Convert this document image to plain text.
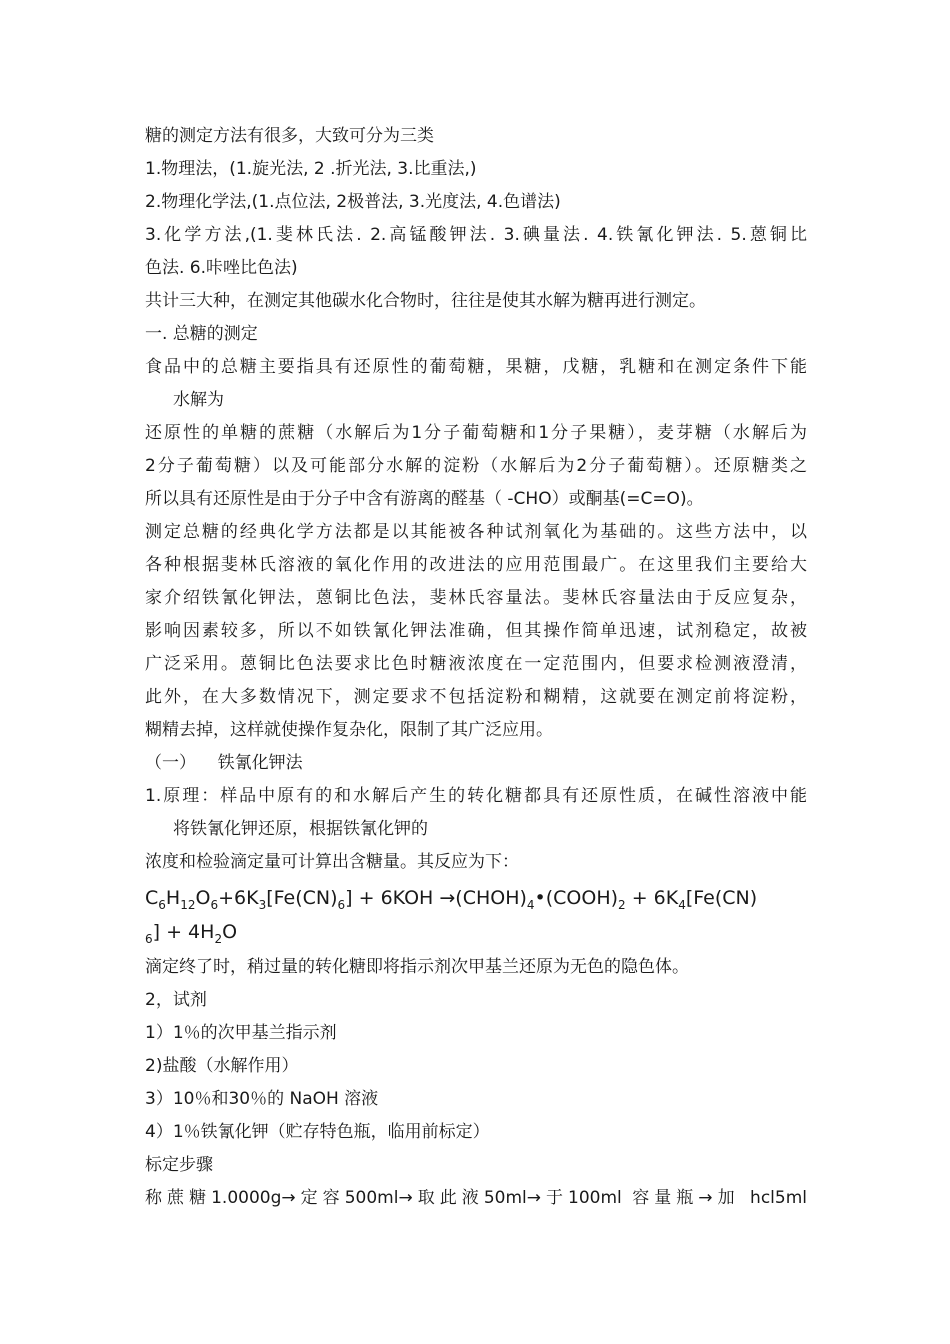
糖的测定方法有很多，大致可分为三类
1.物理法，(1.旋光法, 2 .折光法, 3.比重法,)
2.物理化学法,(1.点位法, 2极普法, 3.光度法, 4.色谱法)
3.化学方法,(1.斐林氏法. 2.高锰酸钾法. 3.碘量法. 4.铁氰化钾法. 5.蒽铜比
色法. 6.咔唑比色法)
共计三大种，在测定其他碳水化合物时，往往是使其水解为糖再进行测定。
一. 总糖的测定
食品中的总糖主要指具有还原性的葡萄糖，果糖，戊糖，乳糖和在测定条件下能
水解为
还原性的单糖的蔗糖（水解后为1分子葡萄糖和1分子果糖），麦芽糖（水解后为
2分子葡萄糖）以及可能部分水解的淀粉（水解后为2分子葡萄糖）。还原糖类之
所以具有还原性是由于分子中含有游离的醛基（ -CHO）或酮基(=C=O)。
测定总糖的经典化学方法都是以其能被各种试剂氧化为基础的。这些方法中，以
各种根据斐林氏溶液的氧化作用的改进法的应用范围最广。在这里我们主要给大
家介绍铁氰化钾法，蒽铜比色法，斐林氏容量法。斐林氏容量法由于反应复杂，
影响因素较多，所以不如铁氰化钾法准确，但其操作简单迅速，试剂稳定，故被
广泛采用。蒽铜比色法要求比色时糖液浓度在一定范围内，但要求检测液澄清，
此外，在大多数情况下，测定要求不包括淀粉和糊精，这就要在测定前将淀粉，
糊精去掉，这样就使操作复杂化，限制了其广泛应用。
（一）    铁氰化钾法
1.原理：样品中原有的和水解后产生的转化糖都具有还原性质，在碱性溶液中能
将铁氰化钾还原，根据铁氰化钾的
浓度和检验滴定量可计算出含糖量。其反应为下：
$C_6H_{12}O_6+6K_3[Fe(CN)_6] + 6KOH$ $\to(CHOH)_4•(COOH)_2 + 6K_4[Fe(CN)$
$_6] + 4H_2O$
滴定终了时，稍过量的转化糖即将指示剂次甲基兰还原为无色的隐色体。
2，试剂
1）1％的次甲基兰指示剂
2)盐酸（水解作用）
3）10％和30％的 NaOH 溶液
4）1％铁氰化钾（贮存特色瓶，临用前标定）
标定步骤
称蔗糖1.0000g→定容500ml→取此液50ml→于100ml 容量瓶→加 hcl5ml
